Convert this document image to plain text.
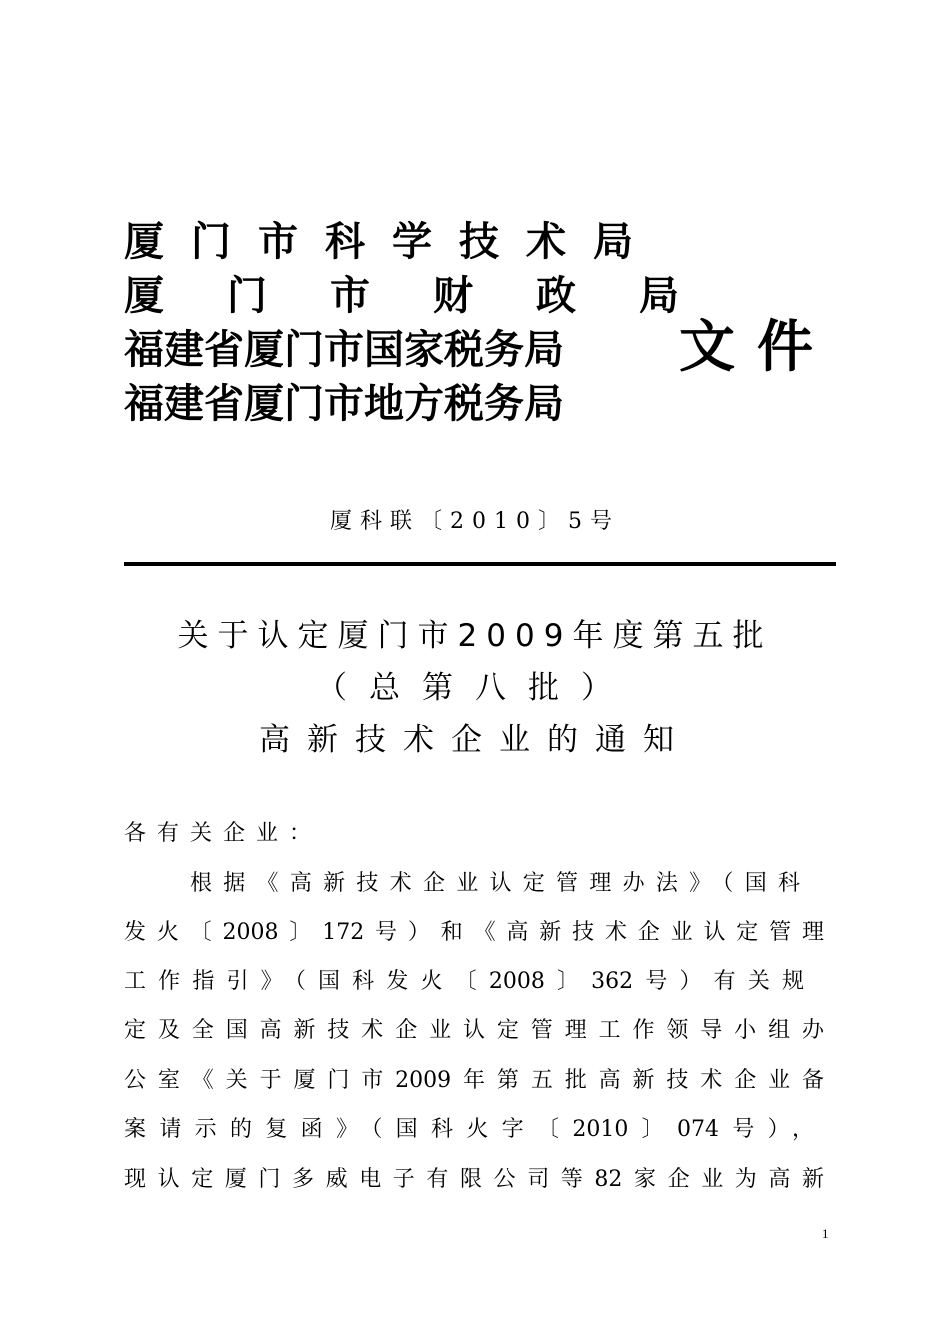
厦门市科学技术局
厦 门 市 财 政 局
福建省厦门市国家税务局
福建省厦门市地方税务局
文件
厦科联〔2010〕5号
关于认定厦门市2009年度第五批
（总第八批）
高新技术企业的通知
各有关企业：
根据《高新技术企业认定管理办法》（国科
发火〔2008〕172号）和《高新技术企业认定管理
工作指引》（国科发火〔2008〕362号）有关规
定及全国高新技术企业认定管理工作领导小组办
公室《关于厦门市2009年第五批高新技术企业备
案请示的复函》（国科火字〔2010〕074号），
现认定厦门多威电子有限公司等82家企业为高新
1
